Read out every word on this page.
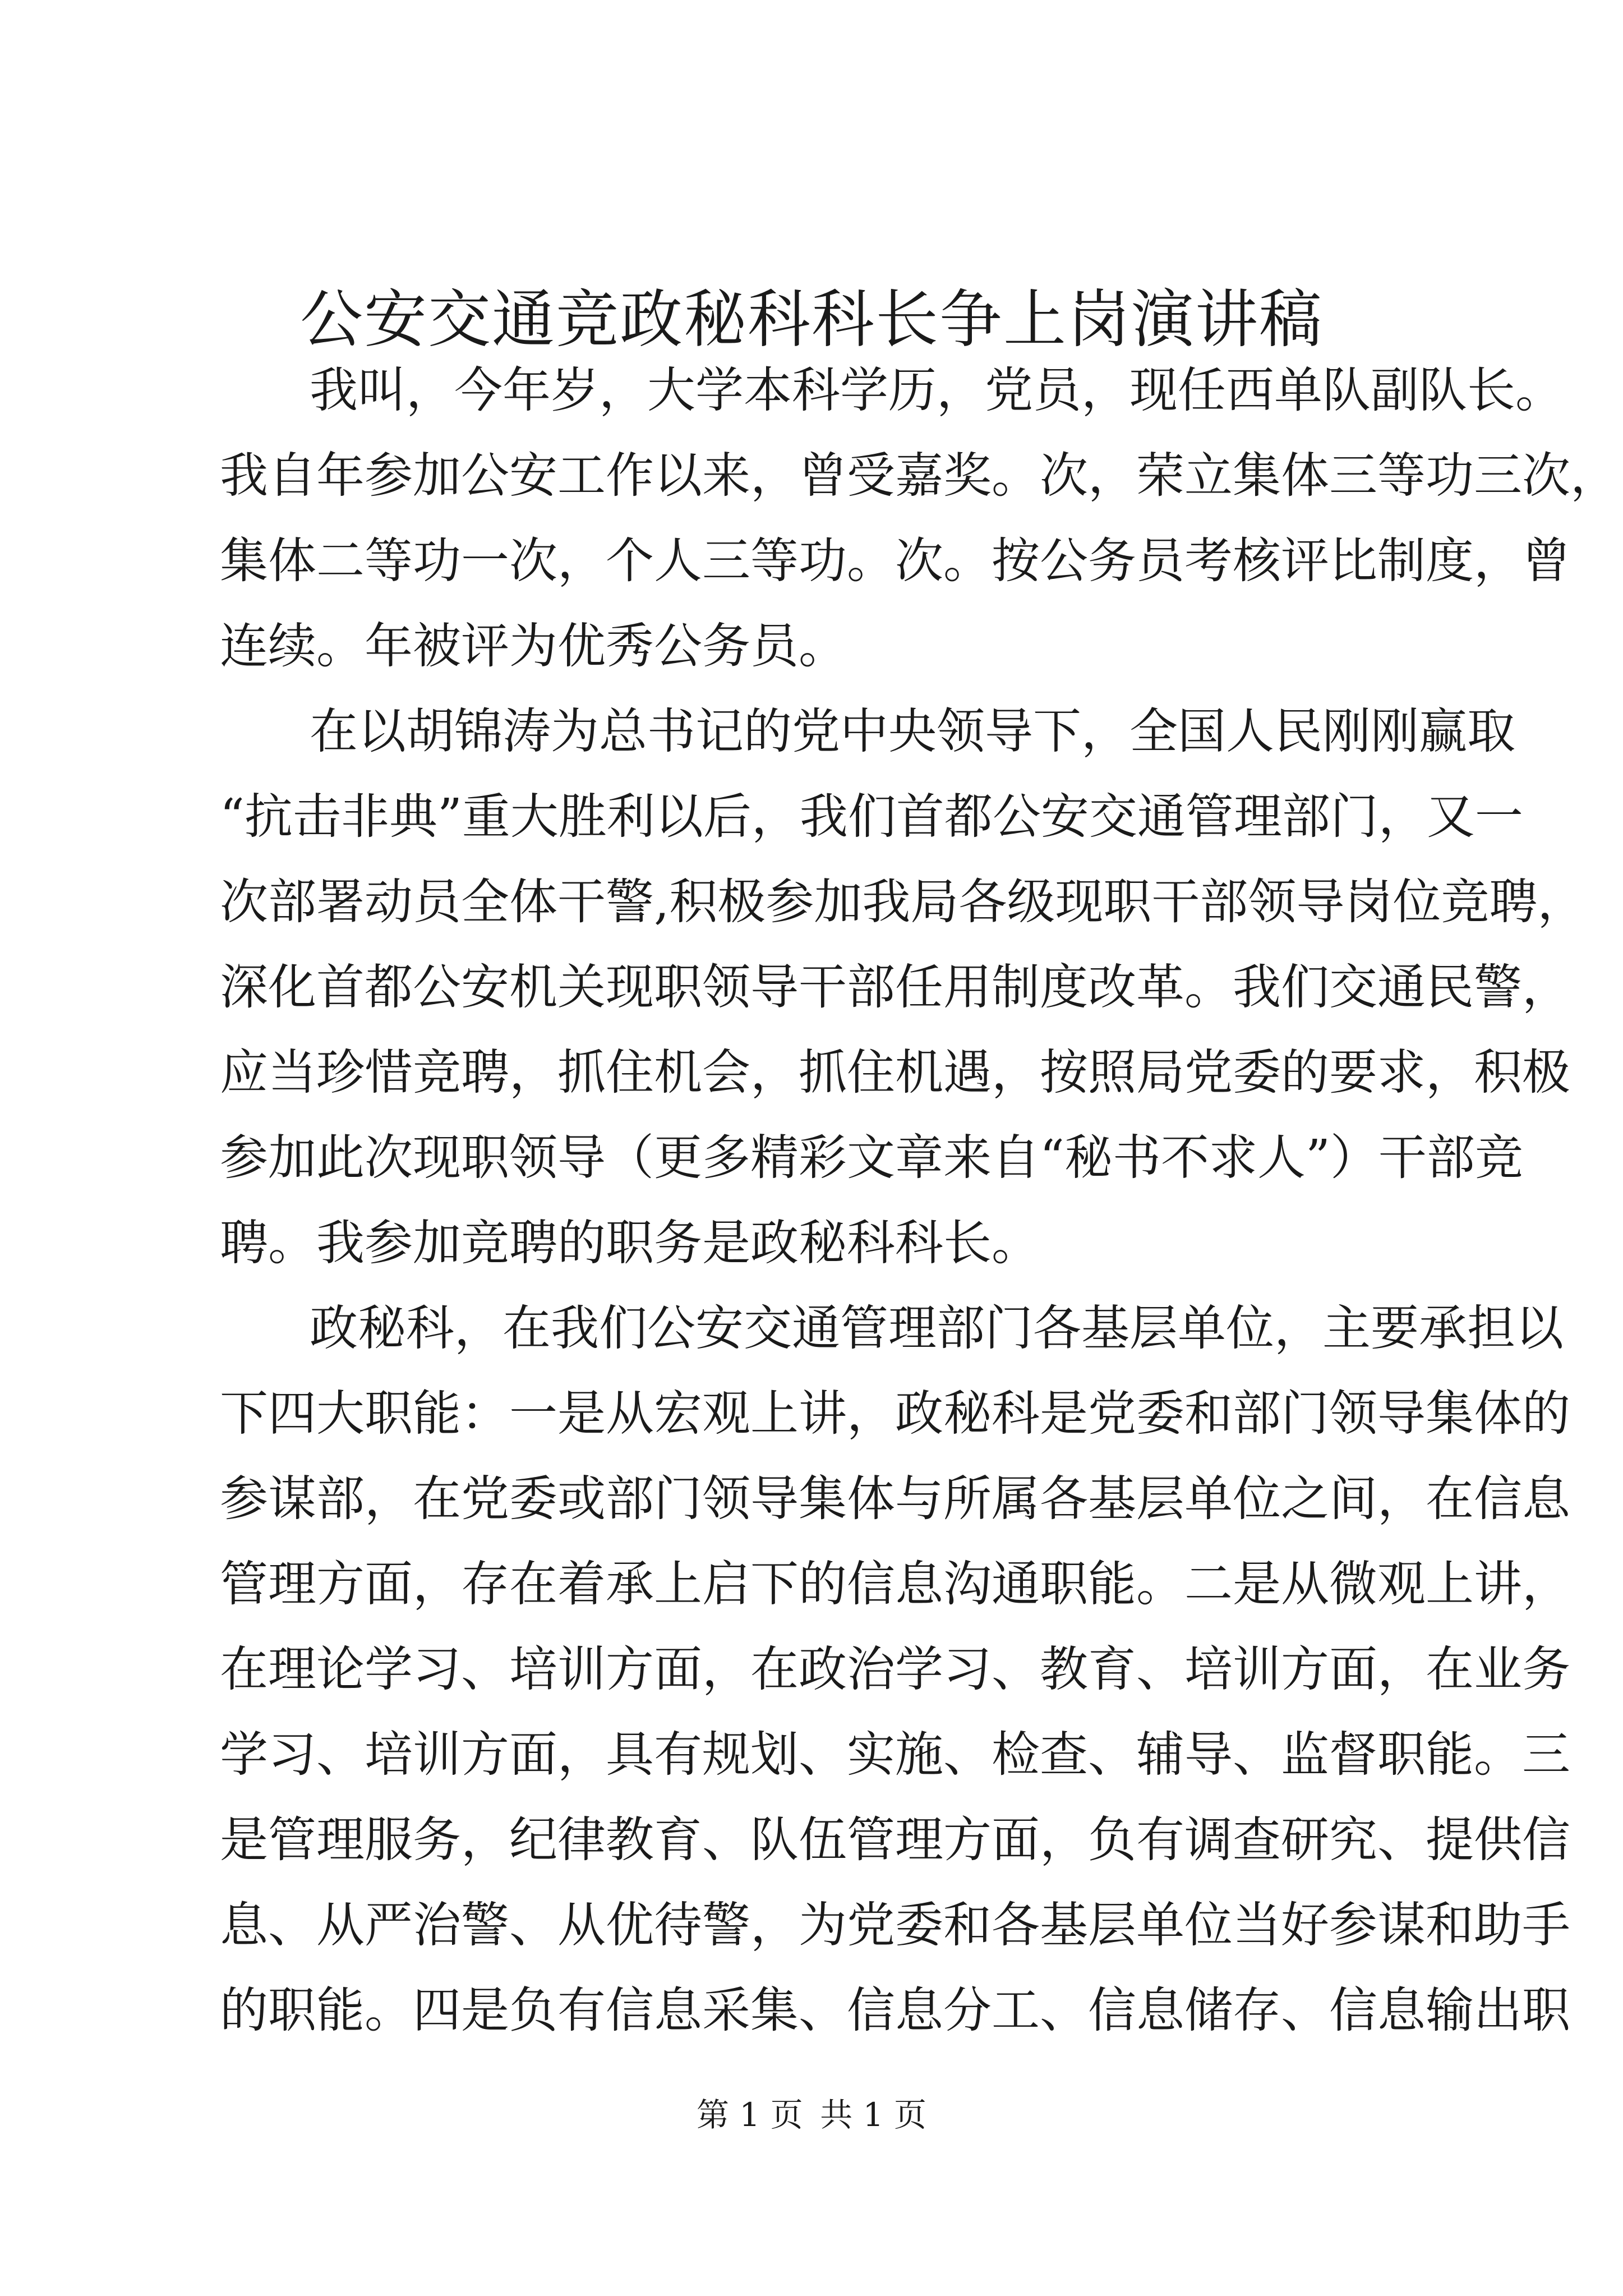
公安交通竞政秘科科长争上岗演讲稿
我叫，今年岁，大学本科学历，党员，现任西单队副队长。
我自年参加公安工作以来，曾受嘉奖。次，荣立集体三等功三次，
集体二等功一次，个人三等功。次。按公务员考核评比制度，曾
连续。年被评为优秀公务员。
在以胡锦涛为总书记的党中央领导下，全国人民刚刚赢取
“抗击非典”重大胜利以后，我们首都公安交通管理部门，又一
次部署动员全体干警,积极参加我局各级现职干部领导岗位竞聘，
深化首都公安机关现职领导干部任用制度改革。我们交通民警，
应当珍惜竞聘，抓住机会，抓住机遇，按照局党委的要求，积极
参加此次现职领导（更多精彩文章来自“秘书不求人”）干部竞
聘。我参加竞聘的职务是政秘科科长。
政秘科，在我们公安交通管理部门各基层单位，主要承担以
下四大职能：一是从宏观上讲，政秘科是党委和部门领导集体的
参谋部，在党委或部门领导集体与所属各基层单位之间，在信息
管理方面，存在着承上启下的信息沟通职能。二是从微观上讲，
在理论学习、培训方面，在政治学习、教育、培训方面，在业务
学习、培训方面，具有规划、实施、检查、辅导、监督职能。三
是管理服务，纪律教育、队伍管理方面，负有调查研究、提供信
息、从严治警、从优待警，为党委和各基层单位当好参谋和助手
的职能。四是负有信息采集、信息分工、信息储存、信息输出职
第 1 页 共 1 页
